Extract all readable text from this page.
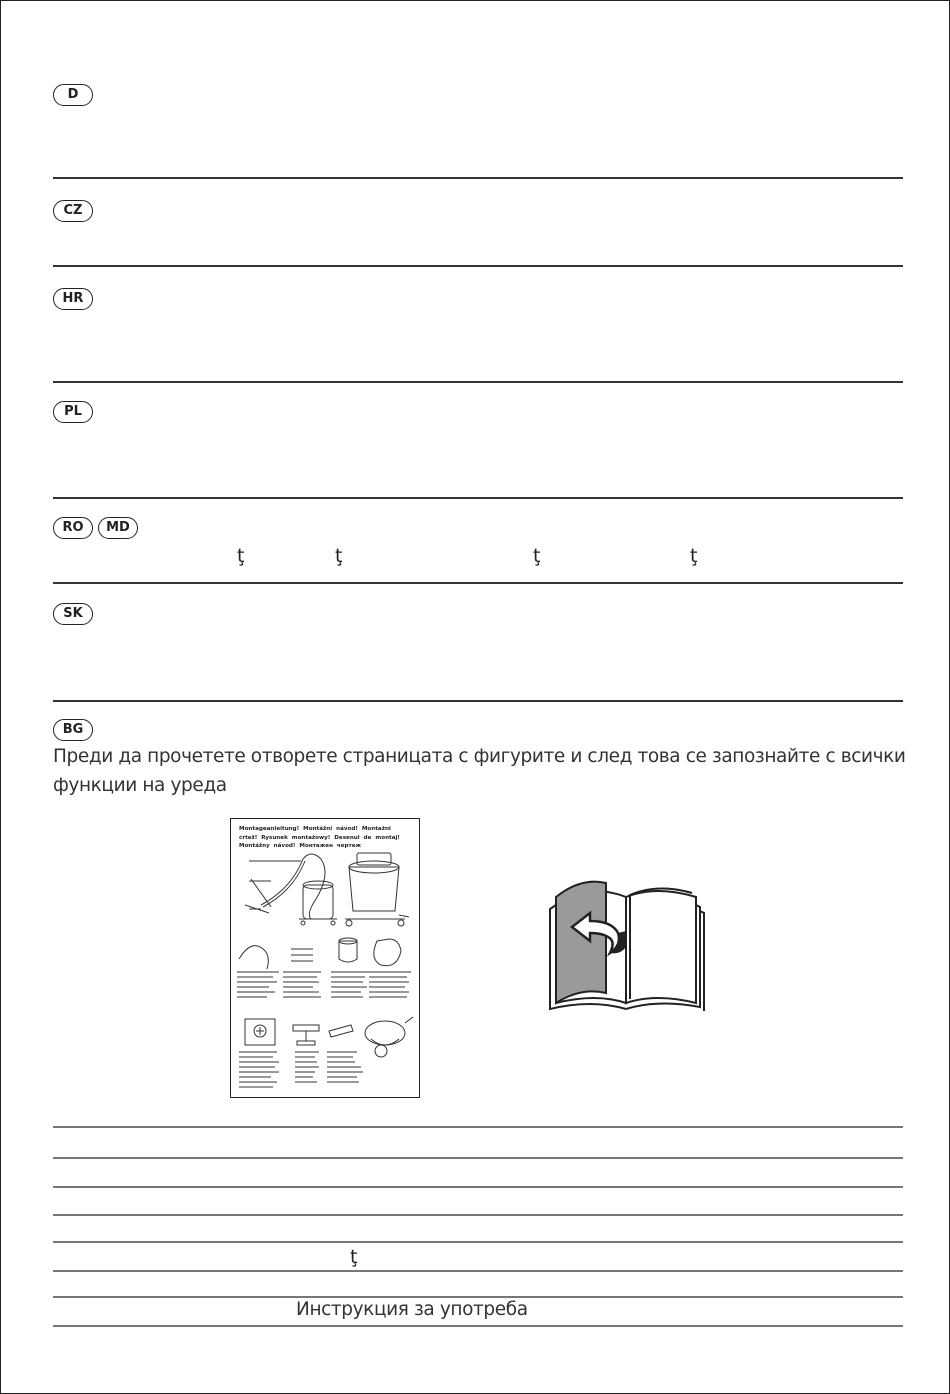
D
CZ
HR
PL
RO	MD
ţ	ţ	ţ	ţ
SK
BG
Преди да прочетете отворете страницата с фигурите и след това се запознайте с всички функции на уреда
Montageanleitung! Montážní návod! Montažni crtež! Rysunek montażowy! Desenul de montaj! Montážny návod! Монтажен чертеж
ţ
Инструкция за употреба
